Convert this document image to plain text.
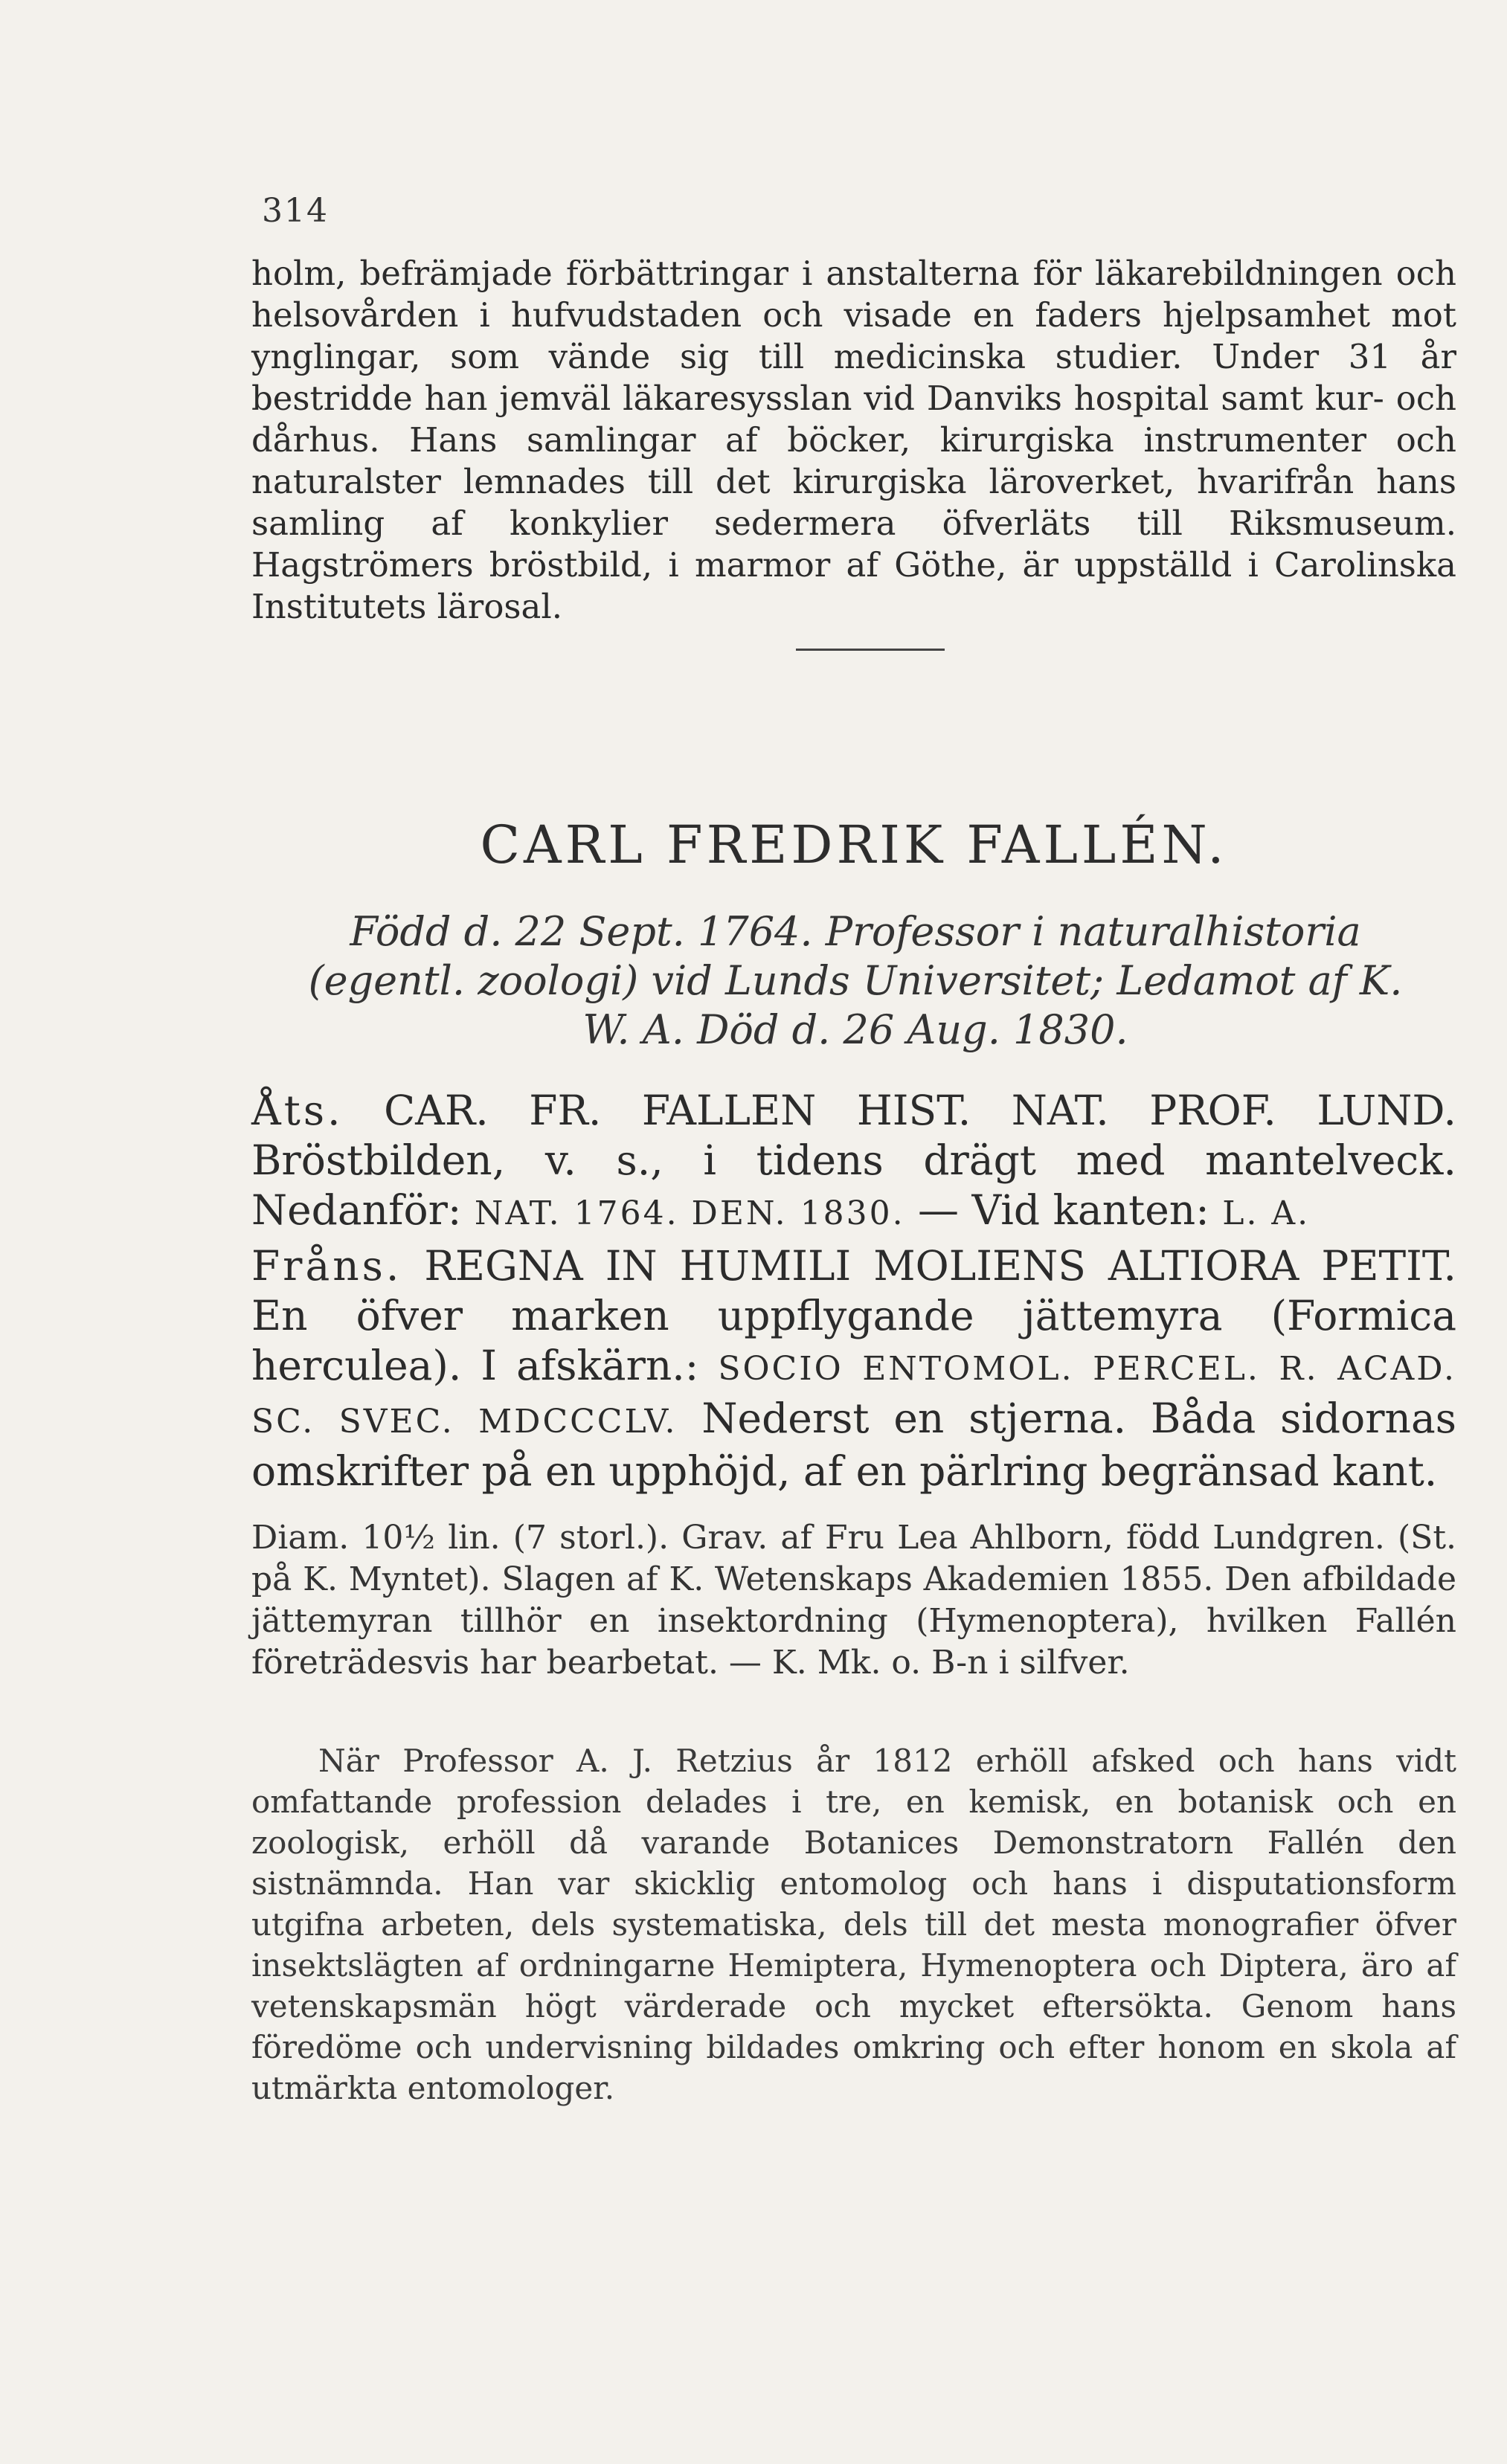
314
holm, befrämjade förbättringar i anstalterna för läkarebildningen och helsovården i hufvudstaden och visade en faders hjelpsamhet mot ynglingar, som vände sig till medicinska studier. Under 31 år bestridde han jemväl läkaresysslan vid Danviks hospital samt kur- och dårhus. Hans samlingar af böcker, kirurgiska instrumenter och naturalster lemnades till det kirurgiska läroverket, hvarifrån hans samling af konkylier sedermera öfverläts till Riksmuseum. Hagströmers bröstbild, i marmor af Göthe, är uppställd i Carolinska Institutets lärosal.
CARL FREDRIK FALLÉN.
Född d. 22 Sept. 1764. Professor i naturalhistoria (egentl. zoologi) vid Lunds Universitet; Ledamot af K. W. A. Död d. 26 Aug. 1830.

Åts. CAR. FR. FALLEN HIST. NAT. PROF. LUND. Bröstbilden, v. s., i tidens drägt med mantelveck. Nedanför: NAT. 1764. DEN. 1830. — Vid kanten: L. A.

Fråns. REGNA IN HUMILI MOLIENS ALTIORA PETIT. En öfver marken uppflygande jättemyra (Formica herculea). I afskärn.: SOCIO ENTOMOL. PERCEL. R. ACAD. SC. SVEC. MDCCCLV. Nederst en stjerna. Båda sidornas omskrifter på en upphöjd, af en pärlring begränsad kant.

Diam. 10½ lin. (7 storl.). Grav. af Fru Lea Ahlborn, född Lundgren. (St. på K. Myntet). Slagen af K. Wetenskaps Akademien 1855. Den afbildade jättemyran tillhör en insektordning (Hymenoptera), hvilken Fallén företrädesvis har bearbetat. — K. Mk. o. B-n i silfver.
När Professor A. J. Retzius år 1812 erhöll afsked och hans vidt omfattande profession delades i tre, en kemisk, en botanisk och en zoologisk, erhöll då varande Botanices Demonstratorn Fallén den sistnämnda. Han var skicklig entomolog och hans i disputationsform utgifna arbeten, dels systematiska, dels till det mesta monografier öfver insektslägten af ordningarne Hemiptera, Hymenoptera och Diptera, äro af vetenskapsmän högt värderade och mycket eftersökta. Genom hans föredöme och undervisning bildades omkring och efter honom en skola af utmärkta entomologer.
